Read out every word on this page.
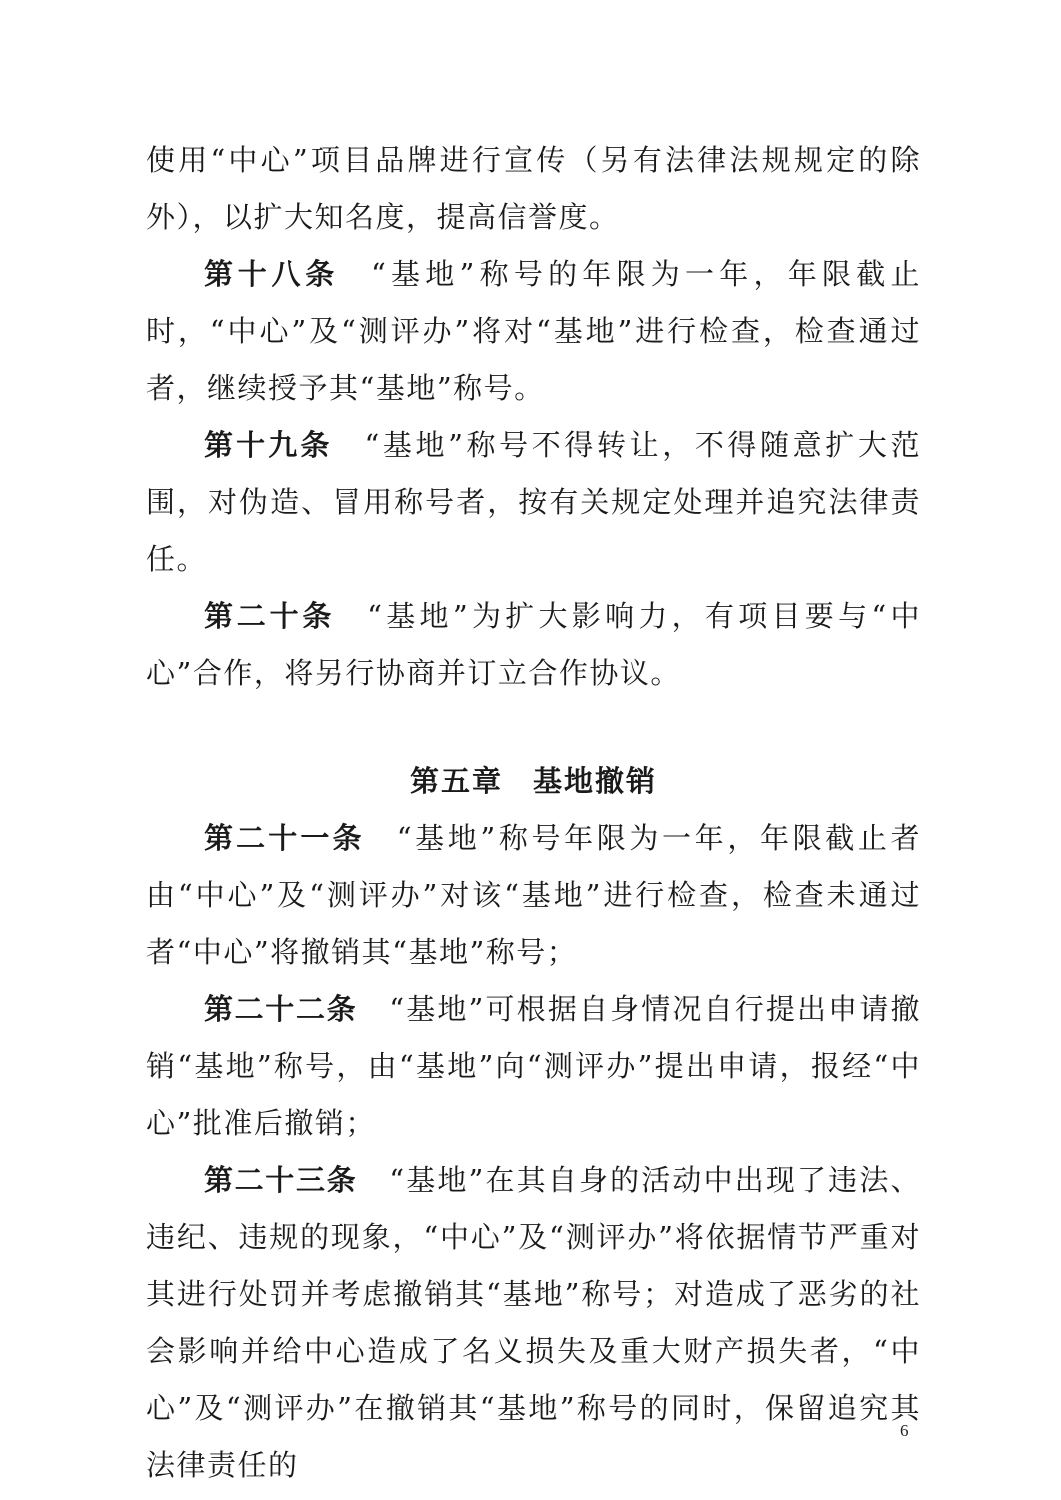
使用“中心”项目品牌进行宣传（另有法律法规规定的除外），以扩大知名度，提高信誉度。

第十八条 “基地”称号的年限为一年，年限截止时，“中心”及“测评办”将对“基地”进行检查，检查通过者，继续授予其“基地”称号。

第十九条 “基地”称号不得转让，不得随意扩大范围，对伪造、冒用称号者，按有关规定处理并追究法律责任。

第二十条 “基地”为扩大影响力，有项目要与“中心”合作，将另行协商并订立合作协议。

第五章 基地撤销

第二十一条 “基地”称号年限为一年，年限截止者由“中心”及“测评办”对该“基地”进行检查，检查未通过者“中心”将撤销其“基地”称号；

第二十二条 “基地”可根据自身情况自行提出申请撤销“基地”称号，由“基地”向“测评办”提出申请，报经“中心”批准后撤销；

第二十三条 “基地”在其自身的活动中出现了违法、违纪、违规的现象，“中心”及“测评办”将依据情节严重对其进行处罚并考虑撤销其“基地”称号；对造成了恶劣的社会影响并给中心造成了名义损失及重大财产损失者，“中心”及“测评办”在撤销其“基地”称号的同时，保留追究其法律责任的

6
